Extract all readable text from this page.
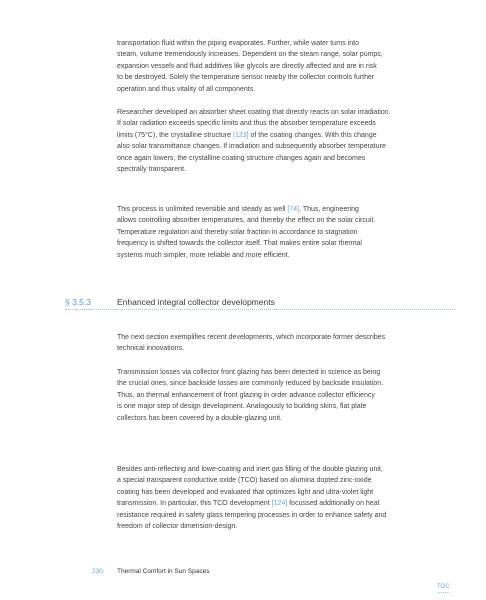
transportation fluid within the piping evaporates. Further, while water turns into

steam, volume tremendously increases. Dependent on the steam range, solar pumps,

expansion vessels and fluid additives like glycols are directly affected and are in risk

to be destroyed. Solely the temperature sensor nearby the collector controls further

operation and thus vitality of all components.

Researcher developed an absorber sheet coating that directly reacts on solar irradiation.

If solar radiation exceeds specific limits and thus the absorber temperature exceeds

limits (75°C), the crystalline structure [123] of the coating changes. With this change

also solar transmittance changes. If irradiation and subsequently absorber temperature

once again lowers, the crystalline coating structure changes again and becomes

spectrally transparent.

This process is unlimited reversible and steady as well [74]. Thus, engineering

allows controlling absorber temperatures, and thereby the effect on the solar circuit.

Temperature regulation and thereby solar fraction in accordance to stagnation

frequency is shifted towards the collector itself. That makes entire solar thermal

systems much simpler, more reliable and more efficient.

§ 3.5.3	Enhanced integral collector developments

The next section exemplifies recent developments, which incorporate former describes

technical innovations.

Transmission losses via collector front glazing has been detected in science as being

the crucial ones, since backside losses are commonly reduced by backside insulation.

Thus, an thermal enhancement of front glazing in order advance collector efficiency

is one major step of design development. Analogously to building skins, flat plate

collectors has been covered by a double-glazing unit.

Besides anti-reflecting and lowe-coating and inert gas filling of the double glazing unit,

a special transparent conductive oxide (TCO) based on alumina dopted zinc-oxide

coating has been developed and evaluated that optimizes light and ultra-violet light

transmission. In particular, this TCO development [124] focussed additionally on heat

resistance required in safety glass tempering processes in order to enhance safety and

freedom of collector dimension-design.

230 Thermal Comfort in Sun Spaces
TOC
